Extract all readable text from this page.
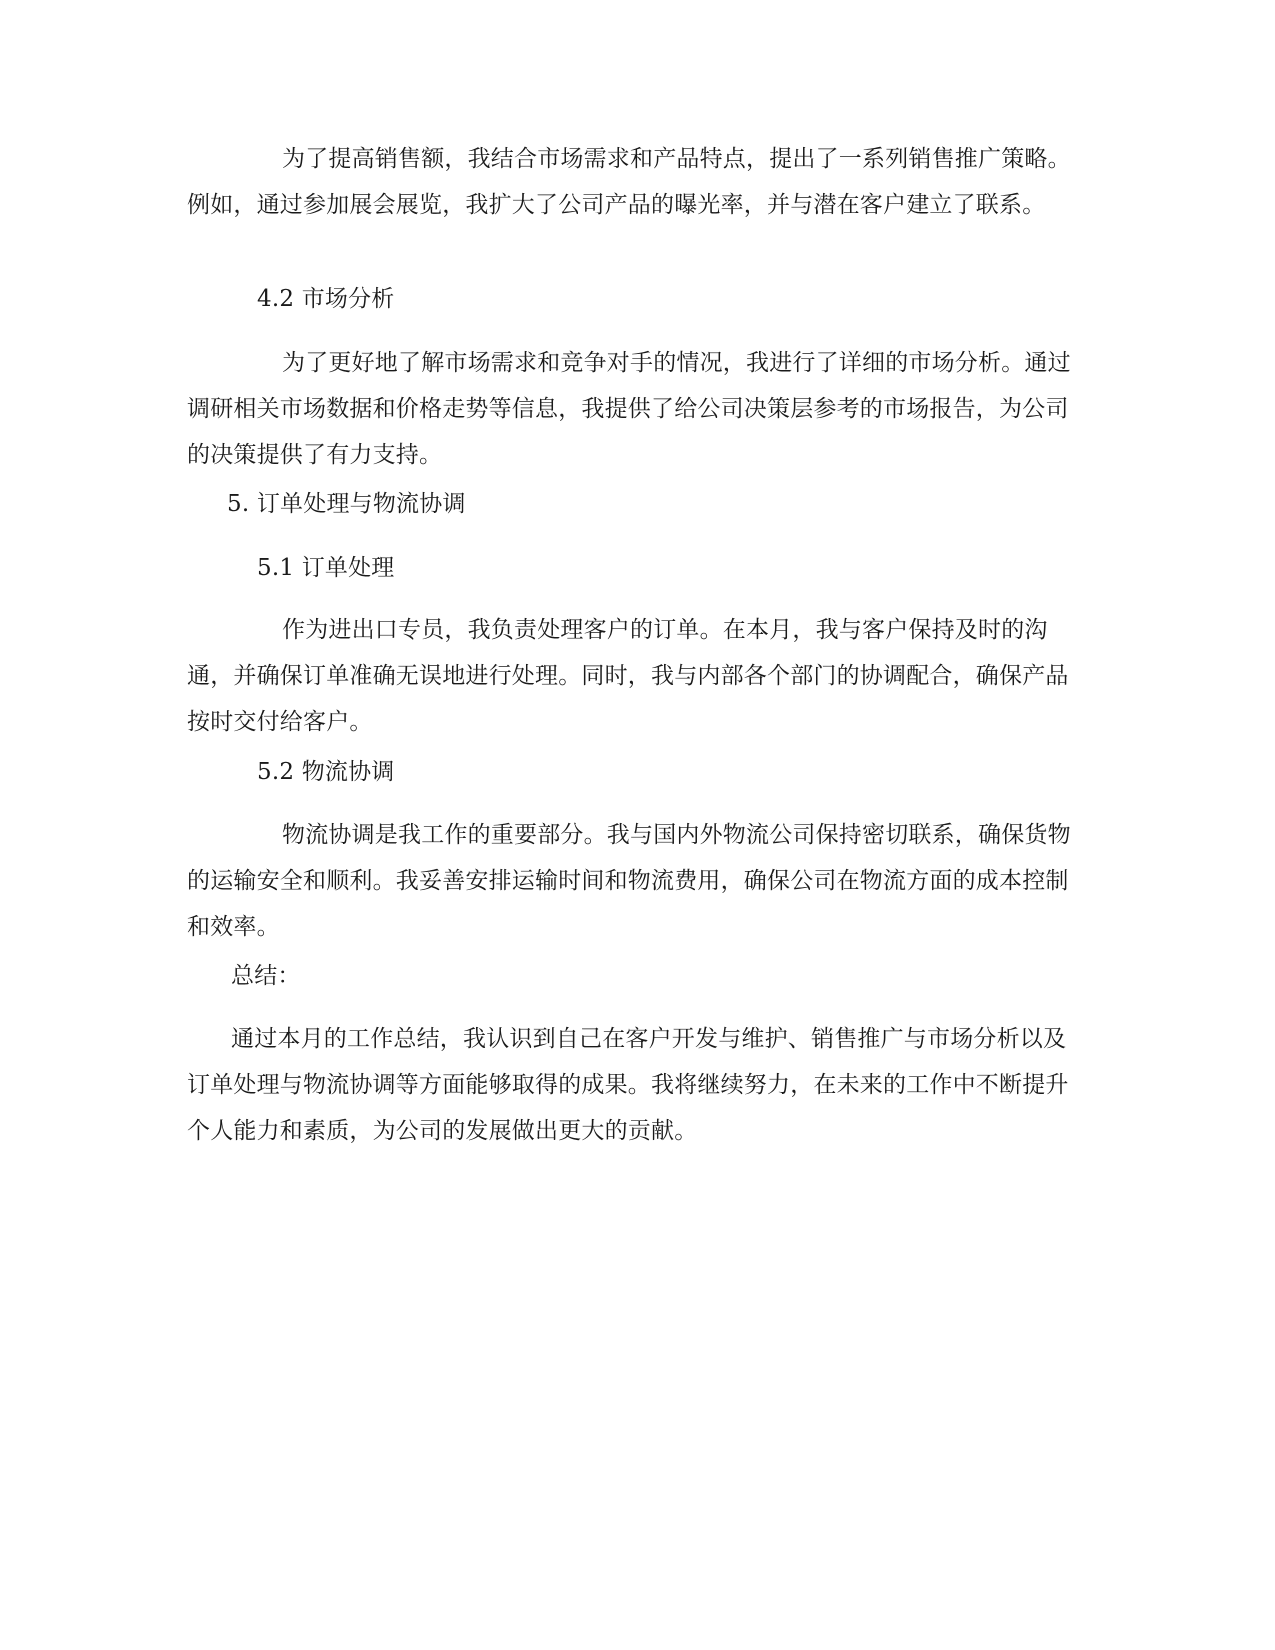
为了提高销售额，我结合市场需求和产品特点，提出了一系列销售推广策略。例如，通过参加展会展览，我扩大了公司产品的曝光率，并与潜在客户建立了联系。

4.2 市场分析

为了更好地了解市场需求和竞争对手的情况，我进行了详细的市场分析。通过调研相关市场数据和价格走势等信息，我提供了给公司决策层参考的市场报告，为公司的决策提供了有力支持。

5. 订单处理与物流协调

5.1 订单处理

作为进出口专员，我负责处理客户的订单。在本月，我与客户保持及时的沟通，并确保订单准确无误地进行处理。同时，我与内部各个部门的协调配合，确保产品按时交付给客户。

5.2 物流协调

物流协调是我工作的重要部分。我与国内外物流公司保持密切联系，确保货物的运输安全和顺利。我妥善安排运输时间和物流费用，确保公司在物流方面的成本控制和效率。

总结：

通过本月的工作总结，我认识到自己在客户开发与维护、销售推广与市场分析以及订单处理与物流协调等方面能够取得的成果。我将继续努力，在未来的工作中不断提升个人能力和素质，为公司的发展做出更大的贡献。
